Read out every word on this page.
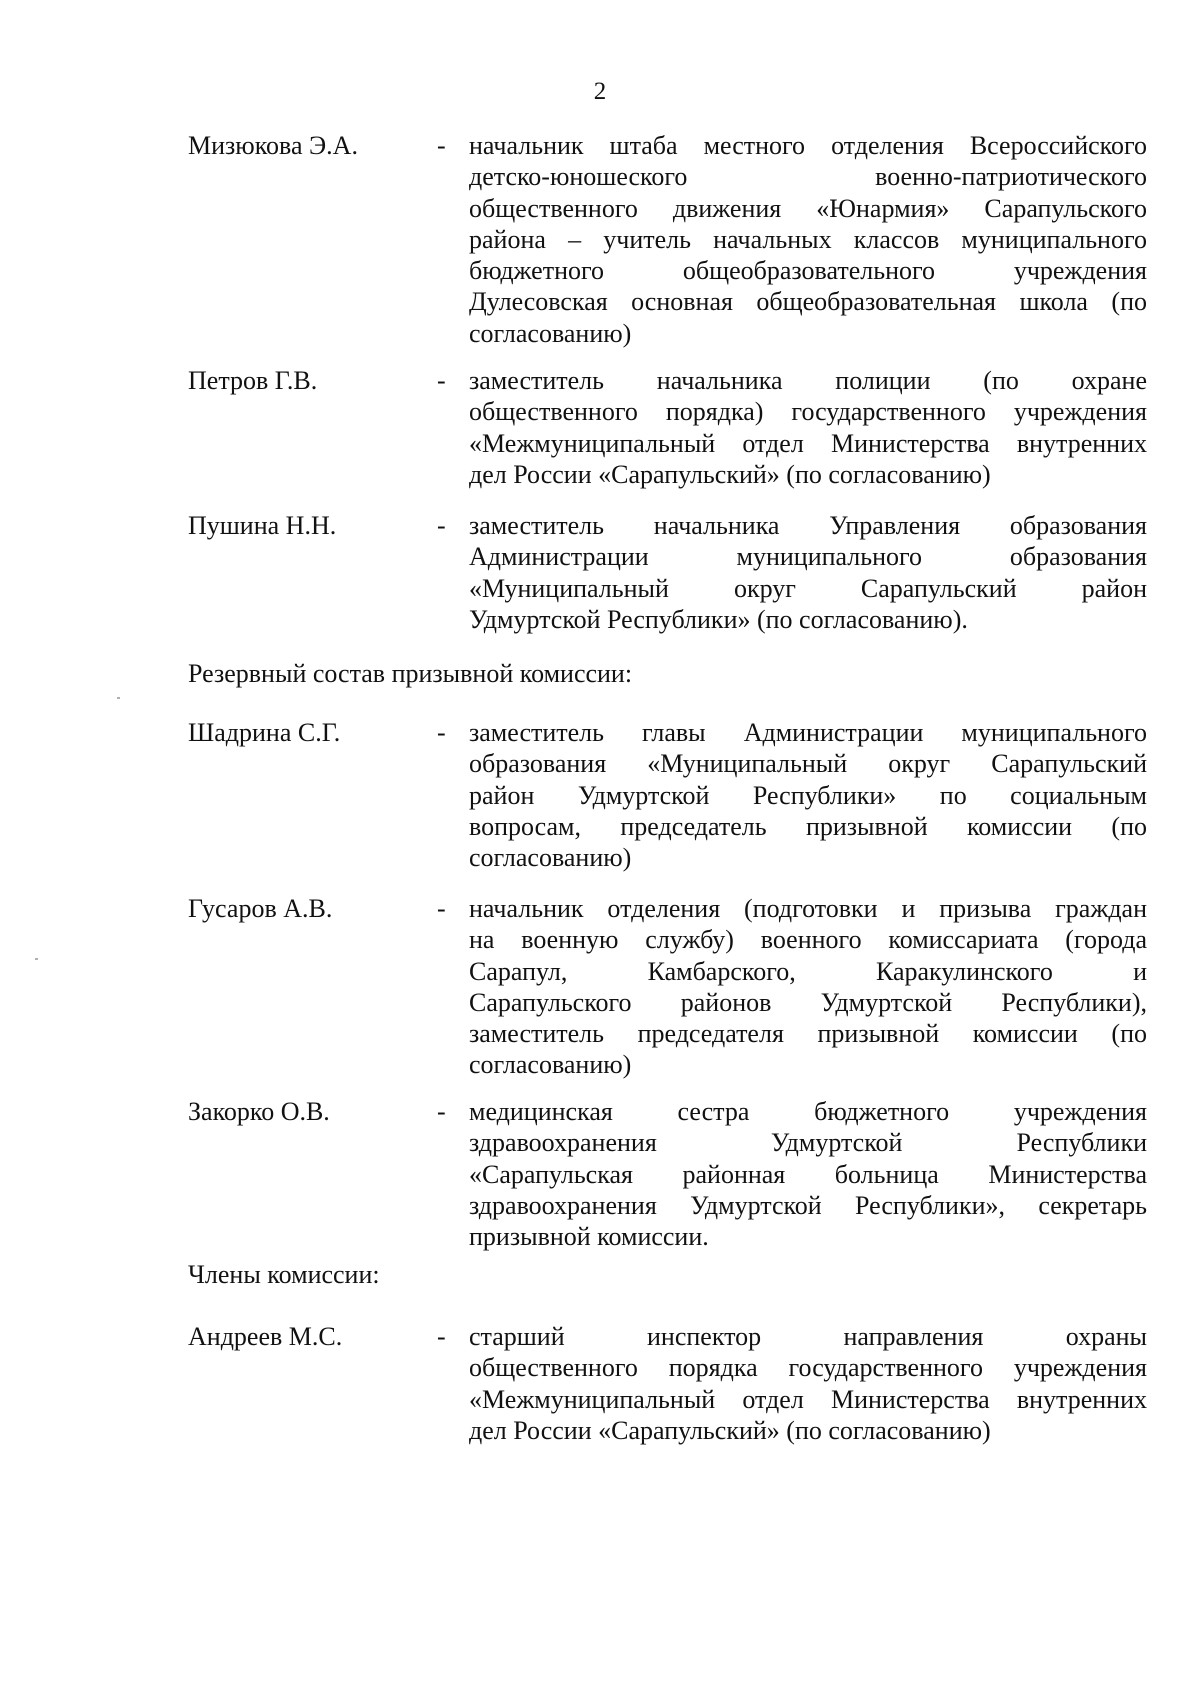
2
Мизюкова Э.А.	- начальник штаба местного отделения Всероссийского
детско-юношеского военно-патриотического
общественного движения «Юнармия» Сарапульского
района – учитель начальных классов муниципального
бюджетного общеобразовательного учреждения
Дулесовская основная общеобразовательная школа (по
согласованию)
Петров Г.В.	- заместитель начальника полиции (по охране
общественного порядка) государственного учреждения
«Межмуниципальный отдел Министерства внутренних
дел России «Сарапульский» (по согласованию)
Пушина Н.Н.	- заместитель начальника Управления образования
Администрации муниципального образования
«Муниципальный округ Сарапульский район
Удмуртской Республики» (по согласованию).
Резервный состав призывной комиссии:
Шадрина С.Г.	- заместитель главы Администрации муниципального
образования «Муниципальный округ Сарапульский
район Удмуртской Республики» по социальным
вопросам, председатель призывной комиссии (по
согласованию)
Гусаров А.В.	- начальник отделения (подготовки и призыва граждан
на военную службу) военного комиссариата (города
Сарапул, Камбарского, Каракулинского и
Сарапульского районов Удмуртской Республики),
заместитель председателя призывной комиссии (по
согласованию)
Закорко О.В.	- медицинская сестра бюджетного учреждения
здравоохранения Удмуртской Республики
«Сарапульская районная больница Министерства
здравоохранения Удмуртской Республики», секретарь
призывной комиссии.
Члены комиссии:
Андреев М.С.	- старший инспектор направления охраны
общественного порядка государственного учреждения
«Межмуниципальный отдел Министерства внутренних
дел России «Сарапульский» (по согласованию)
